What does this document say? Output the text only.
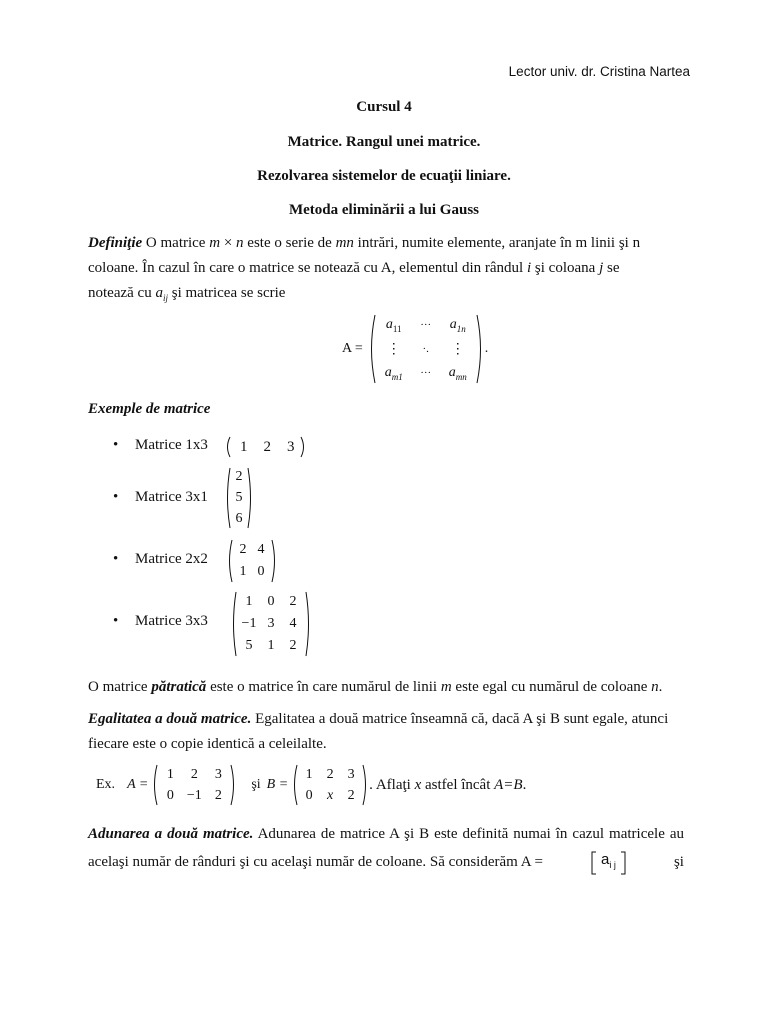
Lector univ. dr. Cristina Nartea
Cursul 4
Matrice. Rangul unei matrice.
Rezolvarea sistemelor de ecuaţii liniare.
Metoda eliminării a lui Gauss
Definiţie O matrice m × n este o serie de mn intrări, numite elemente, aranjate în m linii şi n
coloane. În cazul în care o matrice se notează cu A, elementul din rândul i şi coloana j se
notează cu $a_{ij}$ şi matricea se scrie
A =
$a_{11}$ ··· $a_{1n}$
⋮ ·. ⋮
$a_{m1}$ ··· $a_{mn}$
.
Exemple de matrice
• Matrice 1x3 1 2 3
• Matrice 3x1
2
5
6
• Matrice 2x2
2 4
1 0
• Matrice 3x3
1 0 2
−1 3 4
5 1 2
O matrice pătratică este o matrice în care numărul de linii m este egal cu numărul de coloane n.
Egalitatea a două matrice. Egalitatea a două matrice înseamnă că, dacă A şi B sunt egale, atunci
fiecare este o copie identică a celeilalte.
Ex. A =
1 2 3
0 −1 2
şi B =
1 2 3
0 x 2
. Aflaţi x astfel încât A=B.
Adunarea a două matrice. Adunarea de matrice A şi B este definită numai în cazul matricele au
acelaşi număr de rânduri şi cu acelaşi număr de coloane. Să considerăm A =	$a_{i j}$	şi
